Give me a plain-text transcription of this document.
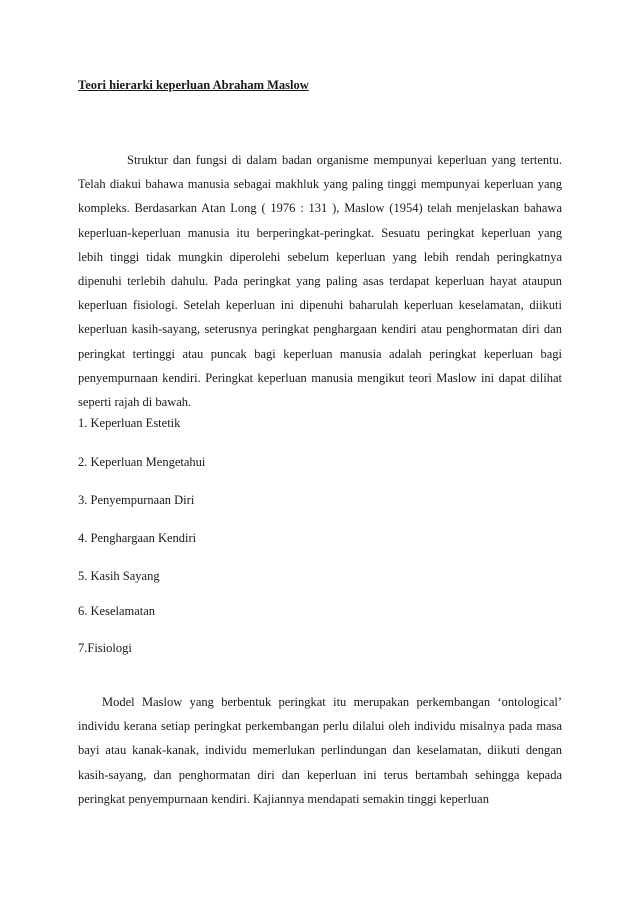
Teori hierarki keperluan Abraham Maslow

Struktur dan fungsi di dalam badan organisme mempunyai keperluan yang tertentu. Telah diakui bahawa manusia sebagai makhluk yang paling tinggi mempunyai keperluan yang kompleks. Berdasarkan Atan Long ( 1976 : 131 ), Maslow (1954) telah menjelaskan bahawa keperluan-keperluan manusia itu berperingkat-peringkat. Sesuatu peringkat keperluan yang lebih tinggi tidak mungkin diperolehi sebelum keperluan yang lebih rendah peringkatnya dipenuhi terlebih dahulu. Pada peringkat yang paling asas terdapat keperluan hayat ataupun keperluan fisiologi. Setelah keperluan ini dipenuhi baharulah keperluan keselamatan, diikuti keperluan kasih-sayang, seterusnya peringkat penghargaan kendiri atau penghormatan diri dan peringkat tertinggi atau puncak bagi keperluan manusia adalah peringkat keperluan bagi penyempurnaan kendiri. Peringkat keperluan manusia mengikut teori Maslow ini dapat dilihat seperti rajah di bawah.

1. Keperluan Estetik
2. Keperluan Mengetahui
3. Penyempurnaan Diri
4. Penghargaan Kendiri
5. Kasih Sayang
6. Keselamatan
7.Fisiologi

Model Maslow yang berbentuk peringkat itu merupakan perkembangan ‘ontological’ individu kerana setiap peringkat perkembangan perlu dilalui oleh individu misalnya pada masa bayi atau kanak-kanak, individu memerlukan perlindungan dan keselamatan, diikuti dengan kasih-sayang, dan penghormatan diri dan keperluan ini terus bertambah sehingga kepada peringkat penyempurnaan kendiri. Kajiannya mendapati semakin tinggi keperluan
